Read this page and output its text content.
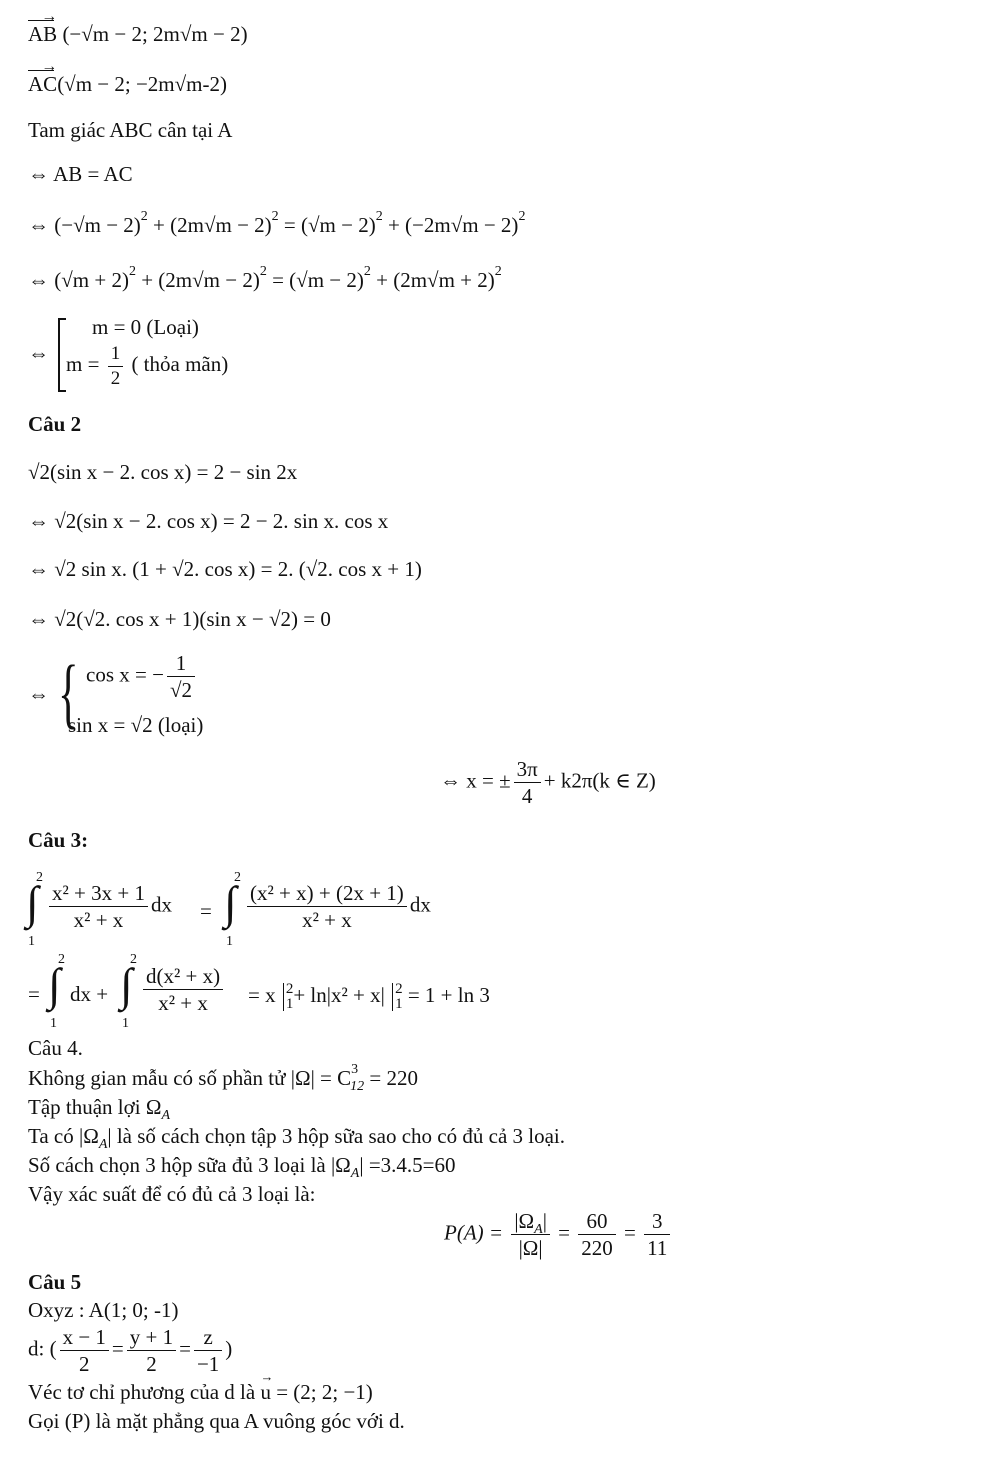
→
AB (−√m − 2; 2m√m − 2)
→
AC(√m − 2; −2m√m-2)
Tam giác ABC cân tại A
⇔ AB = AC
⇔ $(-√m - 2)^2 + (2m√m - 2)^2 = (√m - 2)^2 + (-2m√m - 2)^2$
⇔ $(√m + 2)^2 + (2m√m - 2)^2 = (√m - 2)^2 + (2m√m + 2)^2$
⇔
m = 0 (Loại)
$m = \frac{1}{2}$ ( thỏa mãn)
Câu 2
√2(sin x − 2. cos x) = 2 − sin 2x
⇔ √2(sin x − 2. cos x) = 2 − 2. sin x. cos x
⇔ √2 sin x. (1 + √2. cos x) = 2. (√2. cos x + 1)
⇔ √2(√2. cos x + 1)(sin x − √2) = 0
⇔ { cos x = − $\frac{1}{√2}$
sin x = √2 (loại)
⇔ x = ± $\frac{3\pi}{4} + k2\pi(k$ ∈ Z)
Câu 3:
∫
2
1
$\frac{\text{x² + 3x + 1}}{\text{x² + x}}$ dx = ∫
2
1
$\frac{\text{(x² + x) + (2x + 1)}}{\text{x² + x}}$ dx
= ∫
2
1
dx + ∫
2
1
$\frac{\text{d(x² + x)}}{\text{x² + x}} = x$ 2
1 + ln|x² + x| 2
1 = 1 + ln 3
Câu 4.
Không gian mẫu có số phần tử $|\Omega| = C^3_{12} = 220$
Tập thuận lợi $\Omega_A$
Ta có $|\Omega_A|$ là số cách chọn tập 3 hộp sữa sao cho có đủ cả 3 loại.
Số cách chọn 3 hộp sữa đủ 3 loại là $|\Omega_A| =3.4.5=60$
Vậy xác suất để có đủ cả 3 loại là:
$P(A) = \frac{|\Omega_A|}{|\Omega|} = \frac{60}{220} = \frac{3}{11}$
Câu 5
Oxyz : A(1; 0; -1)
d: ( $\frac{x - 1}{2} = \frac{y + 1}{2} = \frac{z}{-1}$ )
Véc tơ chỉ phương của d là
→
u = (2; 2; −1)
Gọi (P) là mặt phẳng qua A vuông góc với d.
